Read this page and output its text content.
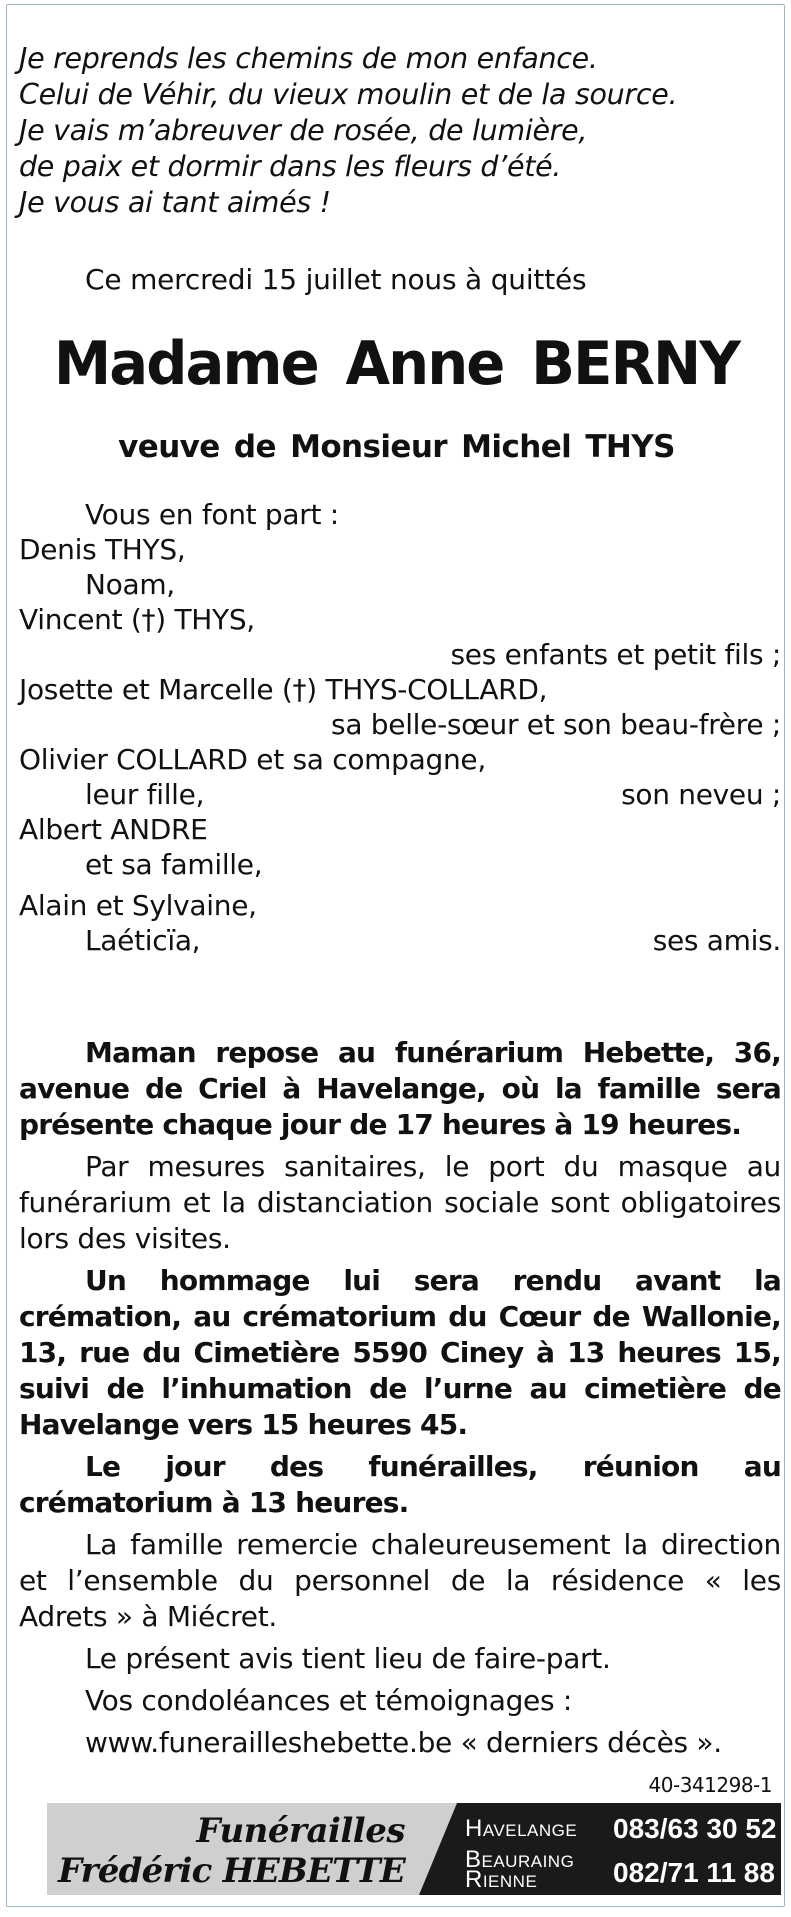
Je reprends les chemins de mon enfance.
Celui de Véhir, du vieux moulin et de la source.
Je vais m’abreuver de rosée, de lumière,
de paix et dormir dans les fleurs d’été.
Je vous ai tant aimés !
Ce mercredi 15 juillet nous à quittés
Madame Anne BERNY
veuve de Monsieur Michel THYS
Vous en font part :
Denis THYS,
Noam,
Vincent (†) THYS,
ses enfants et petit fils ;
Josette et Marcelle (†) THYS-COLLARD,
sa belle-sœur et son beau-frère ;
Olivier COLLARD et sa compagne,
leur fille,	son neveu ;
Albert ANDRE
et sa famille,
Alain et Sylvaine,
Laéticïa,	ses amis.

Maman repose au funérarium Hebette, 36, avenue de Criel à Havelange, où la famille sera présente chaque jour de 17 heures à 19 heures.

Par mesures sanitaires, le port du masque au funérarium et la distanciation sociale sont obligatoires lors des visites.

Un hommage lui sera rendu avant la crémation, au crématorium du Cœur de Wallonie, 13, rue du Cimetière 5590 Ciney à 13 heures 15, suivi de l’inhumation de l’urne au cimetière de Havelange vers 15 heures 45.

Le jour des funérailles, réunion au crématorium à 13 heures.

La famille remercie chaleureusement la direction et l’ensemble du personnel de la résidence « les Adrets » à Miécret.

Le présent avis tient lieu de faire-part.

Vos condoléances et témoignages :

www.funerailleshebette.be « derniers décès ».

40-341298-1
Funérailles
Frédéric HEBETTE
Havelange 083/63 30 52
Beauraing
Rienne	082/71 11 88
